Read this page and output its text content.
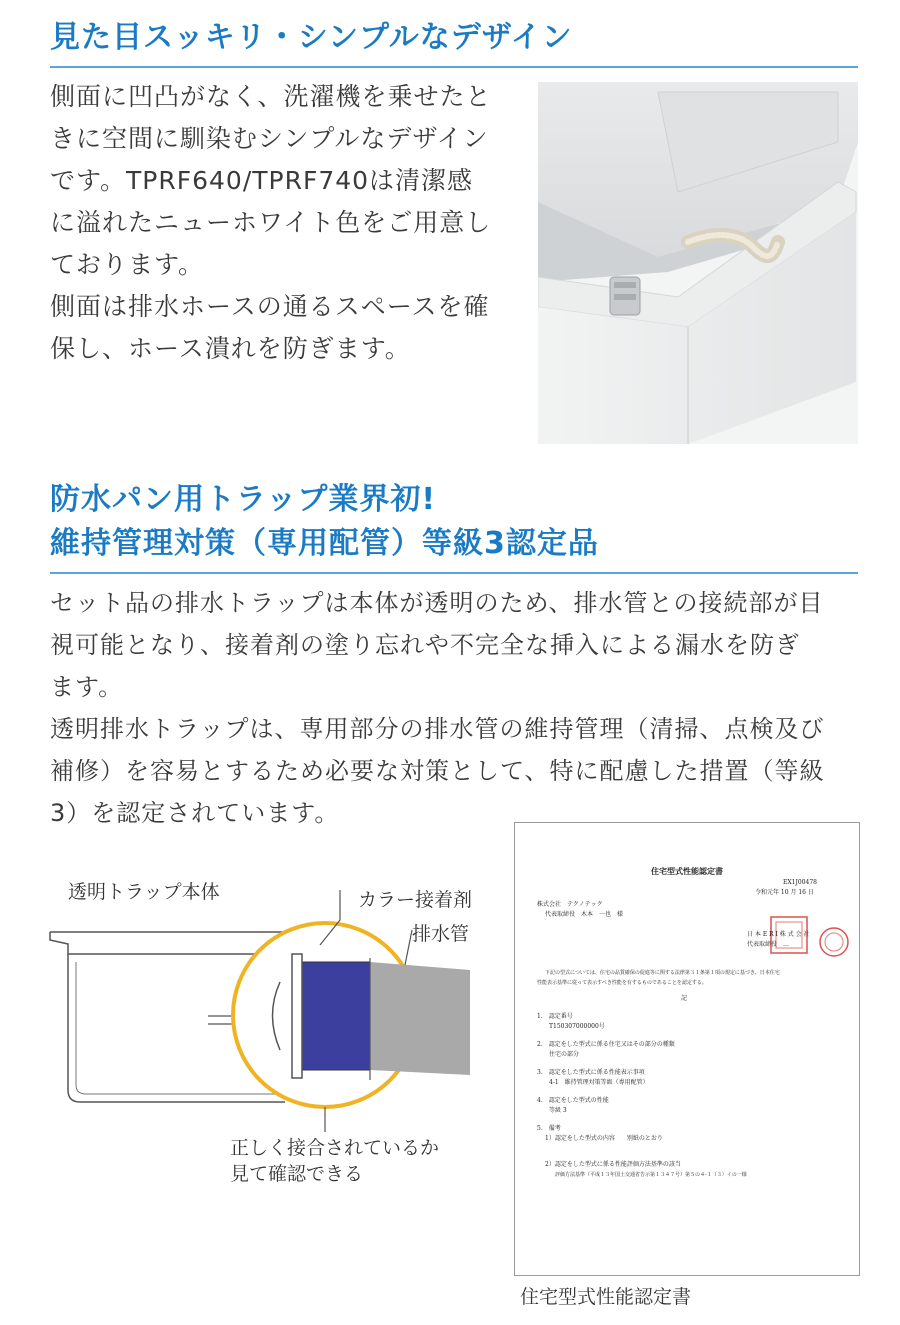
見た目スッキリ・シンプルなデザイン

側面に凹凸がなく、洗濯機を乗せたと

きに空間に馴染むシンプルなデザイン

です。TPRF640/TPRF740は清潔感

に溢れたニューホワイト色をご用意し

ております。

側面は排水ホースの通るスペースを確

保し、ホース潰れを防ぎます。

防水パン用トラップ業界初!
維持管理対策（専用配管）等級3認定品

セット品の排水トラップは本体が透明のため、排水管との接続部が目

視可能となり、接着剤の塗り忘れや不完全な挿入による漏水を防ぎ

ます。

透明排水トラップは、専用部分の排水管の維持管理（清掃、点検及び

補修）を容易とするため必要な対策として、特に配慮した措置（等級

3）を認定されています。

透明トラップ本体	カラー接着剤
排水管
正しく接合されているか
見て確認できる
住宅型式性能認定書
EX1J00478
令和元年 10 月 16 日
株式会社　テクノテック
代表取締役　木本　一也　様
日 本 E R I 株 式 会 社
代表取締役　…
下記の型式については、住宅の品質確保の促進等に関する法律第３１条第１項の規定に基づき、日本住宅
性能表示基準に従って表示すべき性能を有するものであることを認定する。
記
1.　認定番号
T150307000000号
2.　認定をした型式に係る住宅又はその部分の種類
住宅の部分
3.　認定をした型式に係る性能表示事項
4-1　維持管理対策等級（専用配管）
4.　認定をした型式の性能
等級 3
5.　備考
1）認定をした型式の内容　　別紙のとおり
2）認定をした型式に係る性能評価方法基準の該当
評価方法基準（平成１３年国土交通省告示第１３４７号）第５の４-１（３）イの一様
住宅型式性能認定書
